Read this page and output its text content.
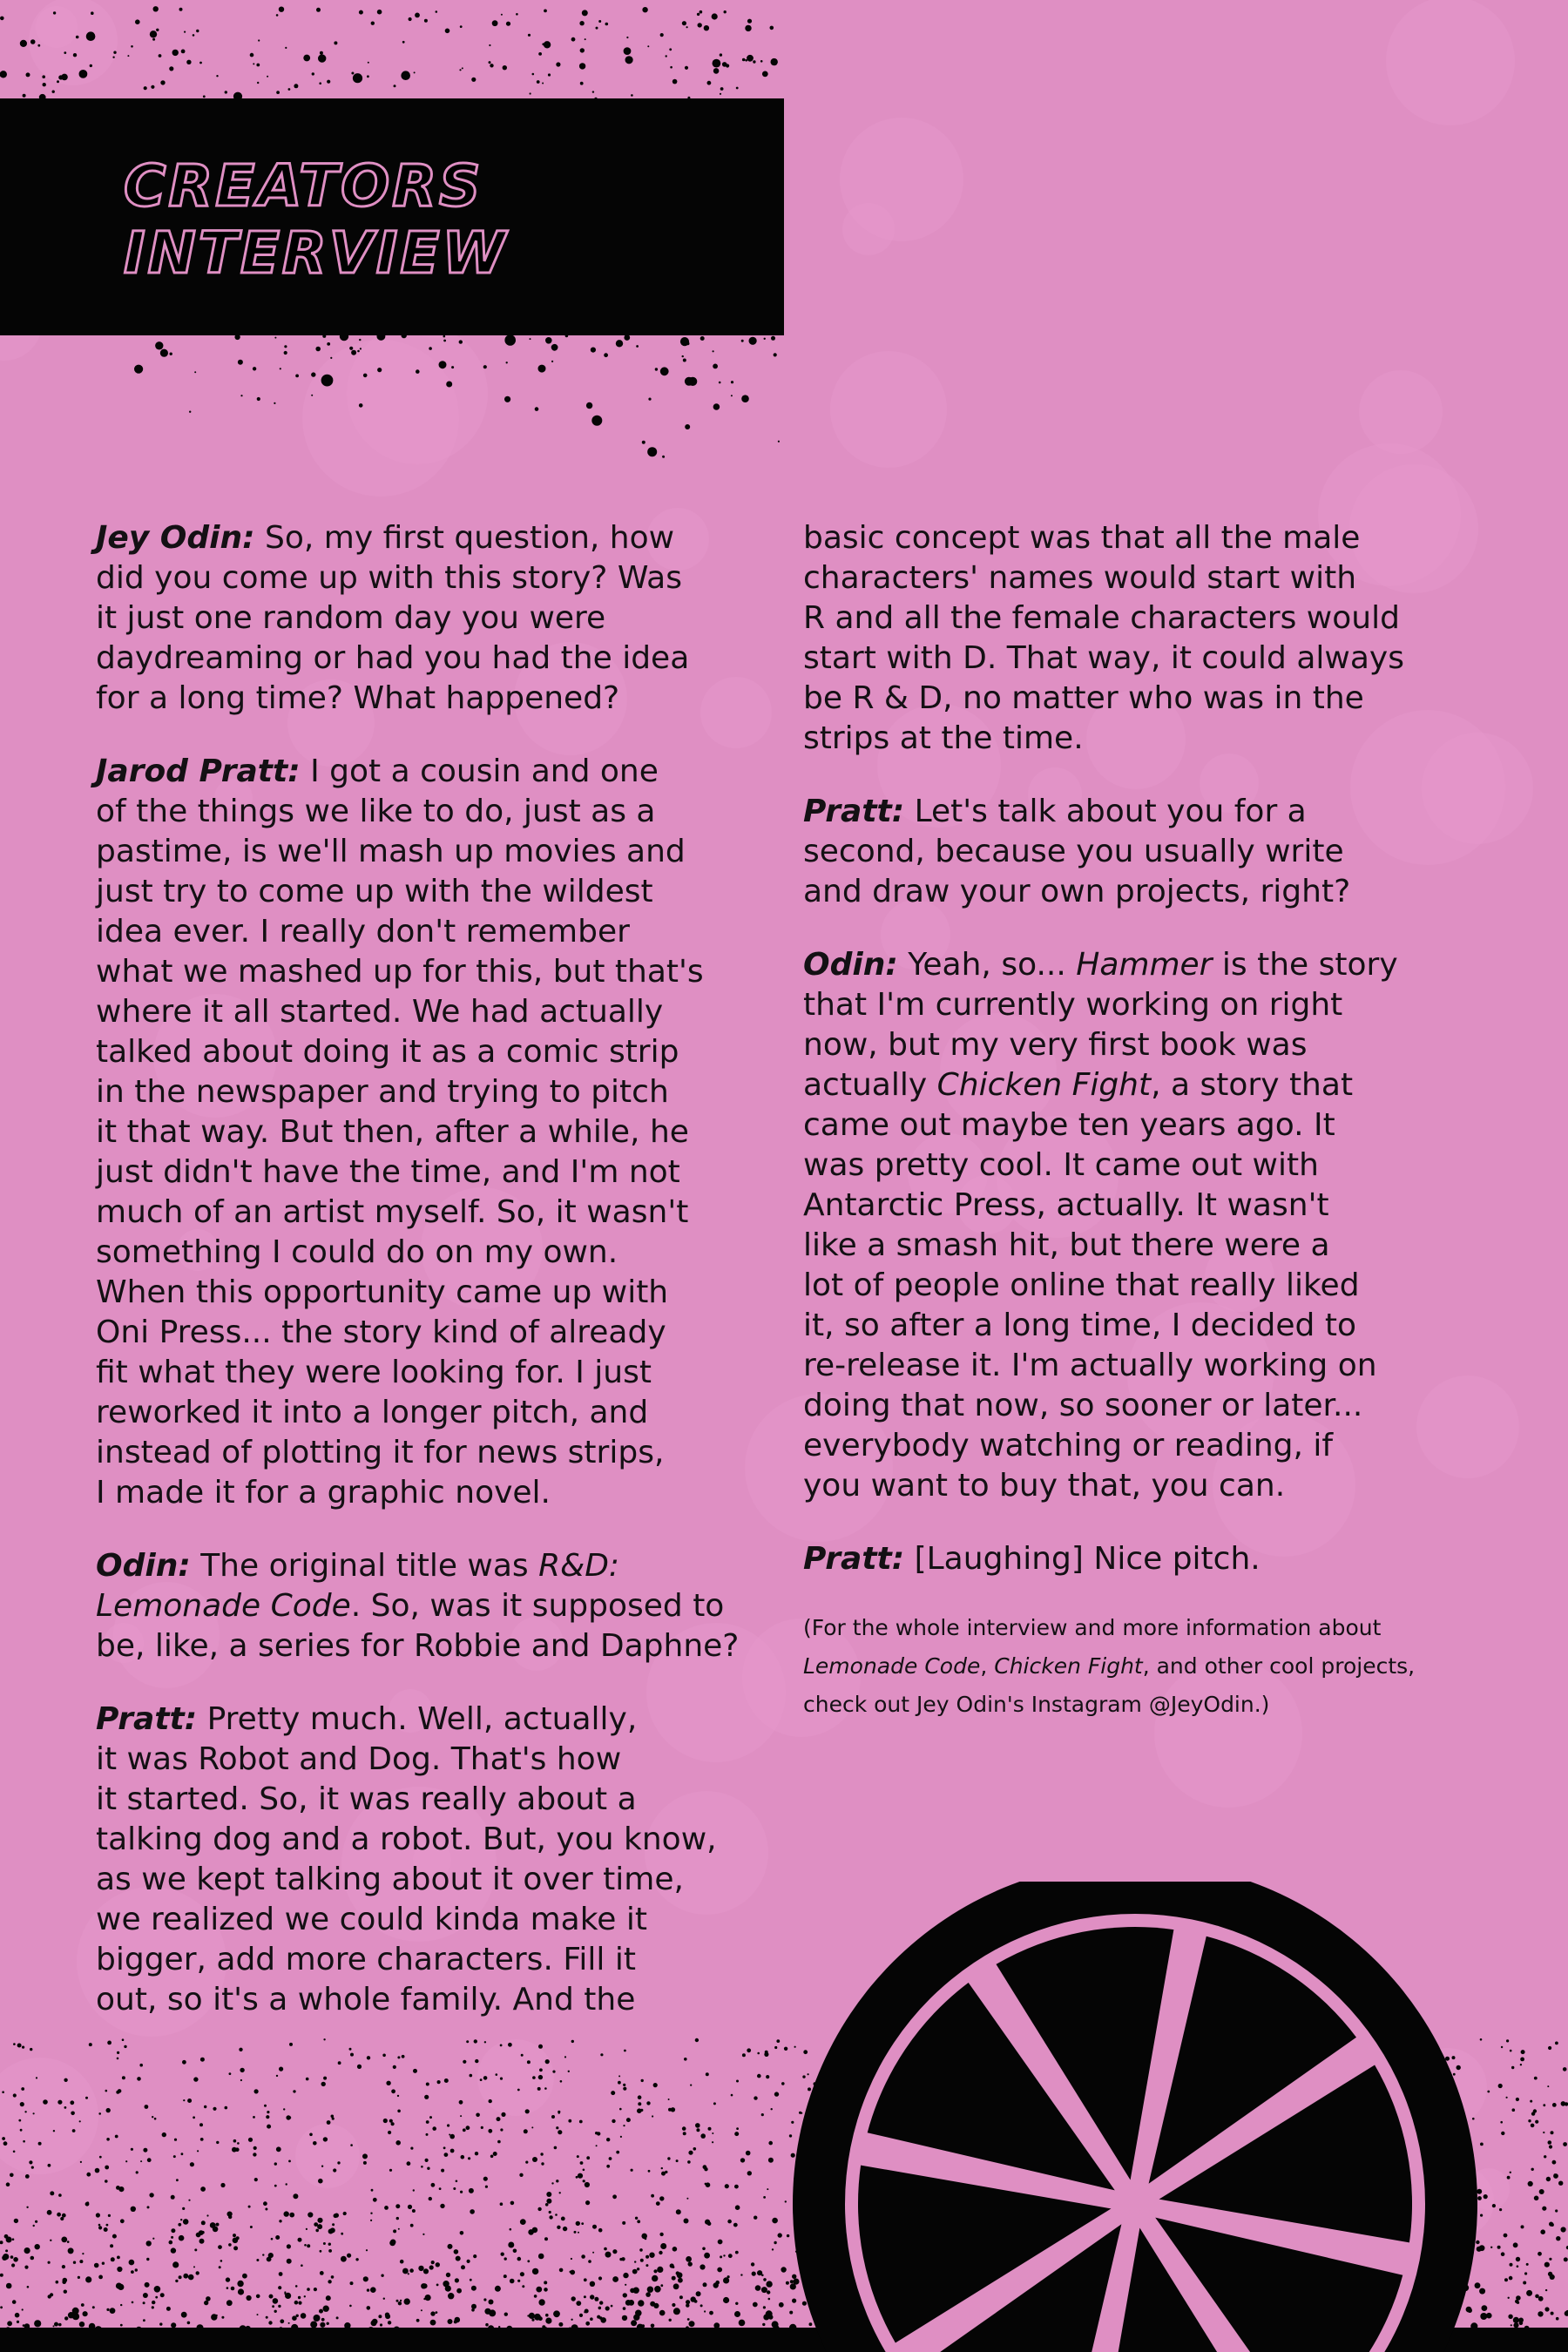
CREATORS
INTERVIEW
Jey Odin: So, my first question, how
did you come up with this story? Was
it just one random day you were
daydreaming or had you had the idea
for a long time? What happened?
Jarod Pratt: I got a cousin and one
of the things we like to do, just as a
pastime, is we'll mash up movies and
just try to come up with the wildest
idea ever. I really don't remember
what we mashed up for this, but that's
where it all started. We had actually
talked about doing it as a comic strip
in the newspaper and trying to pitch
it that way. But then, after a while, he
just didn't have the time, and I'm not
much of an artist myself. So, it wasn't
something I could do on my own.
When this opportunity came up with
Oni Press... the story kind of already
fit what they were looking for. I just
reworked it into a longer pitch, and
instead of plotting it for news strips,
I made it for a graphic novel.
Odin: The original title was R&D:
Lemonade Code. So, was it supposed to
be, like, a series for Robbie and Daphne?
Pratt: Pretty much. Well, actually,
it was Robot and Dog. That's how
it started. So, it was really about a
talking dog and a robot. But, you know,
as we kept talking about it over time,
we realized we could kinda make it
bigger, add more characters. Fill it
out, so it's a whole family. And the
basic concept was that all the male
characters' names would start with
R and all the female characters would
start with D. That way, it could always
be R & D, no matter who was in the
strips at the time.
Pratt: Let's talk about you for a
second, because you usually write
and draw your own projects, right?
Odin: Yeah, so... Hammer is the story
that I'm currently working on right
now, but my very first book was
actually Chicken Fight, a story that
came out maybe ten years ago. It
was pretty cool. It came out with
Antarctic Press, actually. It wasn't
like a smash hit, but there were a
lot of people online that really liked
it, so after a long time, I decided to
re-release it. I'm actually working on
doing that now, so sooner or later...
everybody watching or reading, if
you want to buy that, you can.
Pratt: [Laughing] Nice pitch.
(For the whole interview and more information about
Lemonade Code, Chicken Fight, and other cool projects,
check out Jey Odin's Instagram @JeyOdin.)
